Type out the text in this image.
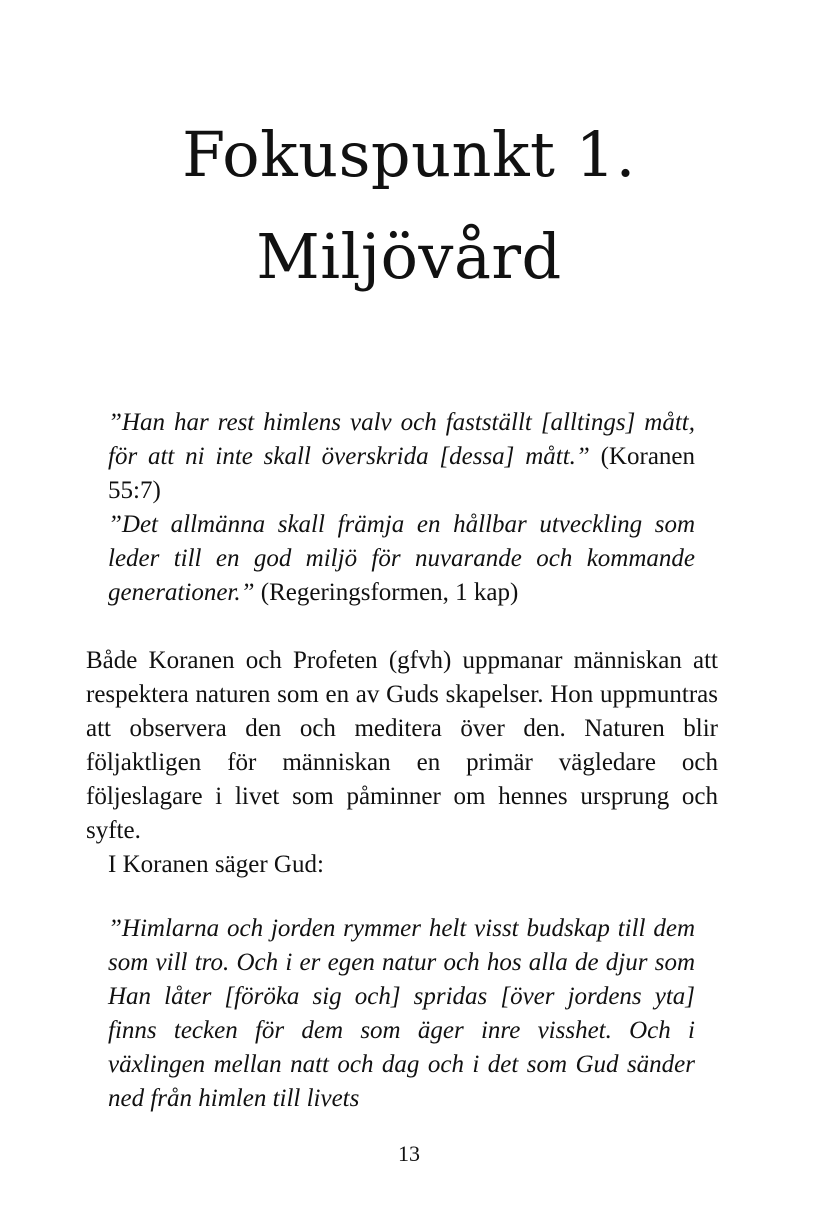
Fokuspunkt 1.
Miljövård

”Han har rest himlens valv och fastställt [alltings] mått, för att ni inte skall överskrida [dessa] mått.” (Koranen 55:7)

”Det allmänna skall främja en hållbar utveckling som leder till en god miljö för nuvarande och kommande generationer.” (Regeringsformen, 1 kap)

Både Koranen och Profeten (gfvh) uppmanar människan att respektera naturen som en av Guds skapelser. Hon uppmuntras att observera den och meditera över den. Naturen blir följaktligen för människan en primär vägledare och följeslagare i livet som påminner om hennes ursprung och syfte.

I Koranen säger Gud:

”Himlarna och jorden rymmer helt visst budskap till dem som vill tro. Och i er egen natur och hos alla de djur som Han låter [föröka sig och] spridas [över jordens yta] finns tecken för dem som äger inre visshet. Och i växlingen mellan natt och dag och i det som Gud sänder ned från himlen till livets

13
